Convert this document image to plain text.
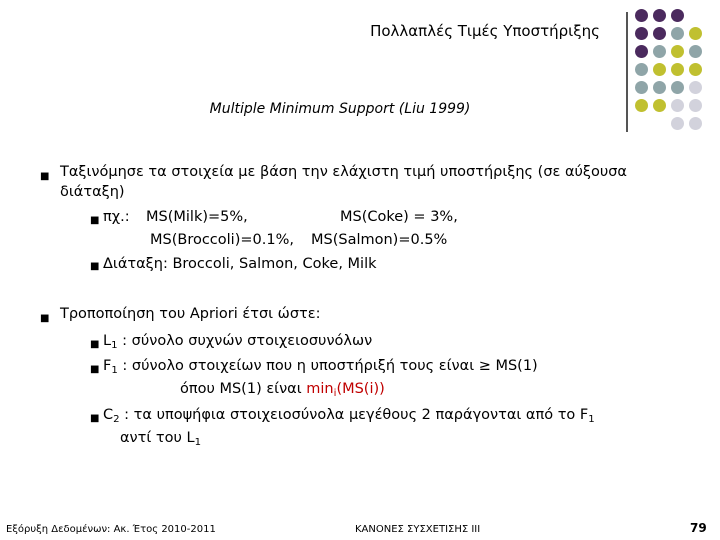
Πολλαπλές Τιμές Υποστήριξης
Multiple Minimum Support (Liu 1999)
■ Ταξινόμησε τα στοιχεία με βάση την ελάχιστη τιμή υποστήριξης (σε αύξουσα
διάταξη)
■ πχ.: MS(Milk)=5%,	MS(Coke) = 3%,
MS(Broccoli)=0.1%, MS(Salmon)=0.5%
■ Διάταξη: Broccoli, Salmon, Coke, Milk
■ Τροποποίηση του Apriori έτσι ώστε:
■ $L_1$ : σύνολο συχνών στοιχειοσυνόλων
■ $F_1$ : σύνολο στοιχείων που η υποστήριξή τους είναι ≥ MS(1)
όπου MS(1) είναι $\min_i(MS(i))$
■ $C_2$ : τα υποψήφια στοιχειοσύνολα μεγέθους 2 παράγονται από το $F_1$
αντί του $L_1$
Εξόρυξη Δεδομένων: Ακ. Έτος 2010-2011	ΚΑΝΟΝΕΣ ΣΥΣΧΕΤΙΣΗΣ ΙΙΙ	79
